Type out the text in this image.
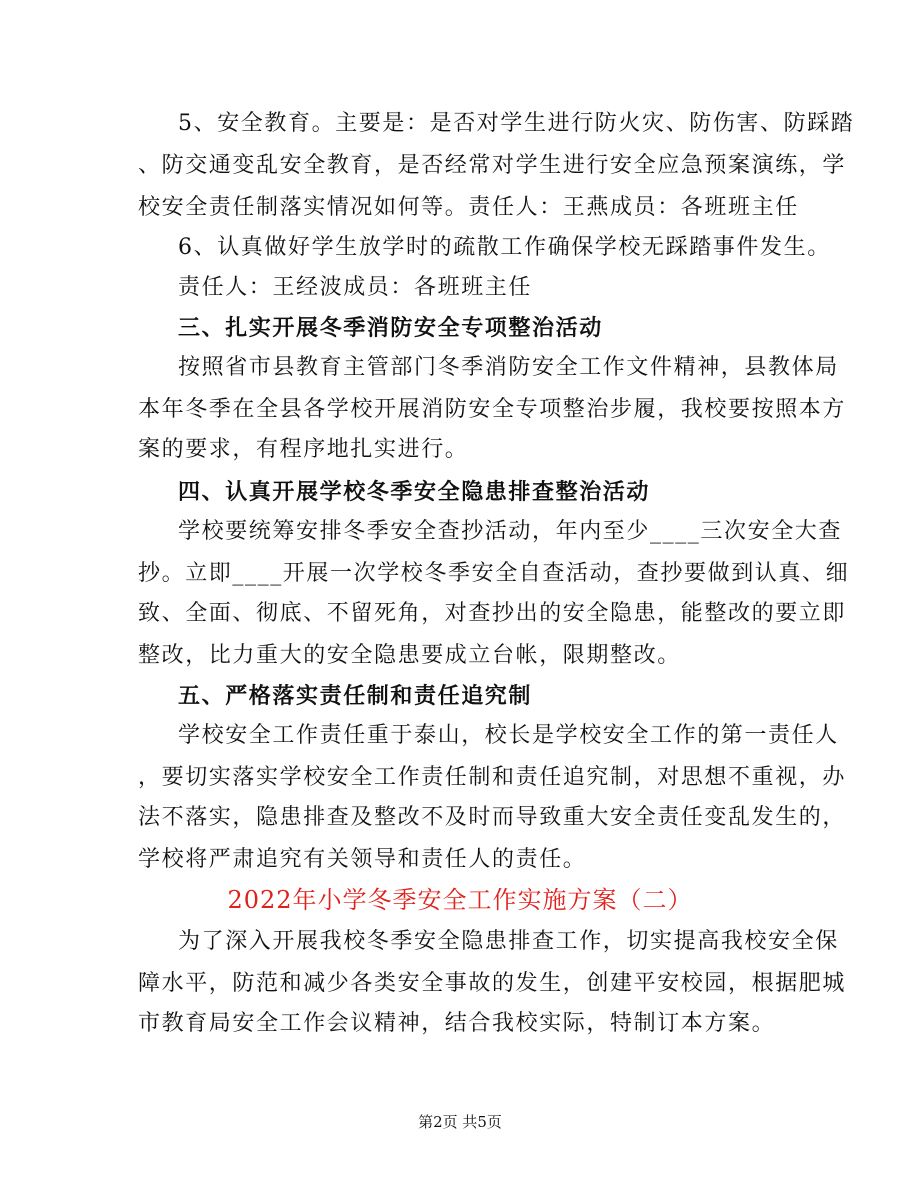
5、安全教育。主要是：是否对学生进行防火灾、防伤害、防踩踏
、防交通变乱安全教育，是否经常对学生进行安全应急预案演练，学
校安全责任制落实情况如何等。责任人：王燕成员：各班班主任
6、认真做好学生放学时的疏散工作确保学校无踩踏事件发生。
责任人：王经波成员：各班班主任
三、扎实开展冬季消防安全专项整治活动
按照省市县教育主管部门冬季消防安全工作文件精神，县教体局
本年冬季在全县各学校开展消防安全专项整治步履，我校要按照本方
案的要求，有程序地扎实进行。
四、认真开展学校冬季安全隐患排查整治活动
学校要统筹安排冬季安全查抄活动，年内至少____三次安全大查
抄。立即____开展一次学校冬季安全自查活动，查抄要做到认真、细
致、全面、彻底、不留死角，对查抄出的安全隐患，能整改的要立即
整改，比力重大的安全隐患要成立台帐，限期整改。
五、严格落实责任制和责任追究制
学校安全工作责任重于泰山，校长是学校安全工作的第一责任人
，要切实落实学校安全工作责任制和责任追究制，对思想不重视，办
法不落实，隐患排查及整改不及时而导致重大安全责任变乱发生的，
学校将严肃追究有关领导和责任人的责任。
2022年小学冬季安全工作实施方案（二）
为了深入开展我校冬季安全隐患排查工作，切实提高我校安全保
障水平，防范和减少各类安全事故的发生，创建平安校园，根据肥城
市教育局安全工作会议精神，结合我校实际，特制订本方案。
第2页 共5页
